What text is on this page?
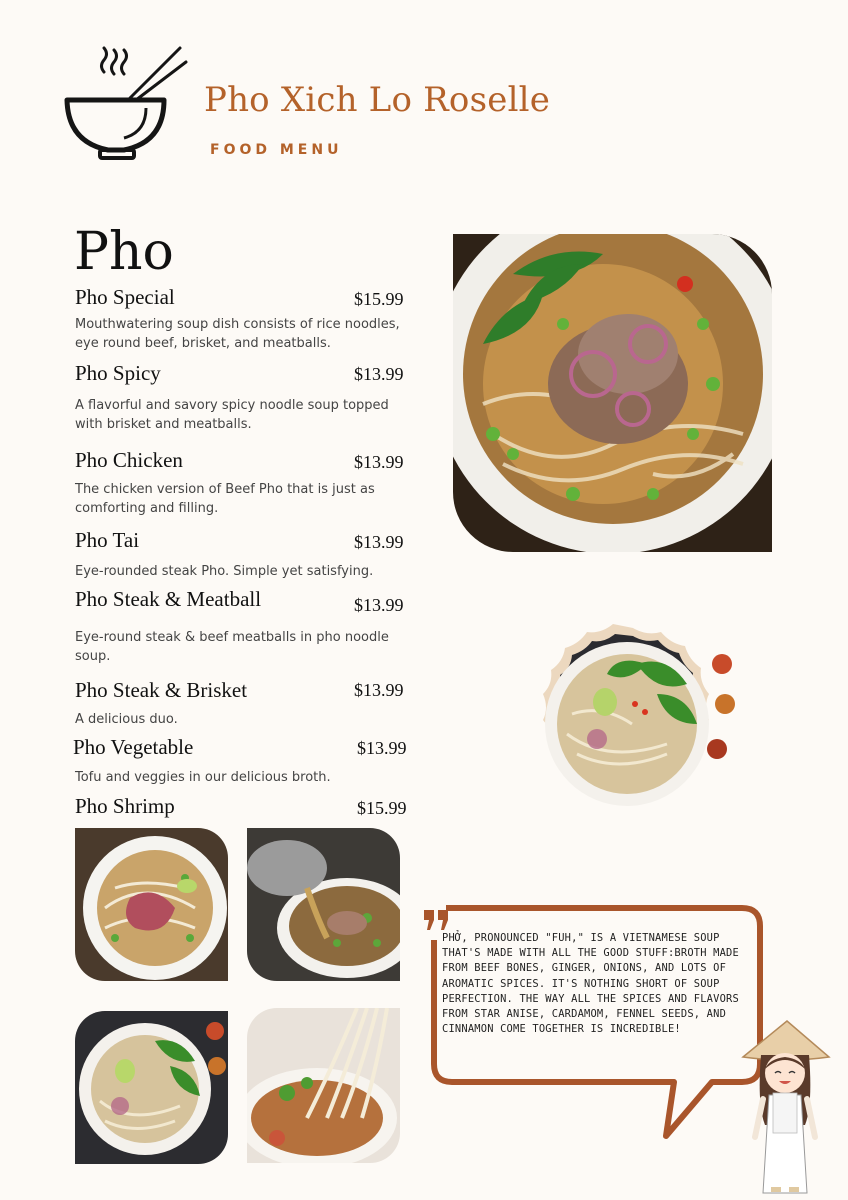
Pho Xich Lo Roselle
FOOD MENU
Pho
Pho Special	$15.99
Mouthwatering soup dish consists of rice noodles, eye round beef, brisket, and meatballs.
Pho Spicy	$13.99
A flavorful and savory spicy noodle soup topped with brisket and meatballs.
Pho Chicken	$13.99
The chicken version of Beef Pho that is just as comforting and filling.
Pho Tai	$13.99
Eye-rounded steak Pho. Simple yet satisfying.
Pho Steak & Meatball	$13.99
Eye-round steak & beef meatballs in pho noodle soup.
Pho Steak & Brisket	$13.99
A delicious duo.
Pho Vegetable	$13.99
Tofu and veggies in our delicious broth.
Pho Shrimp	$15.99
PHỞ, PRONOUNCED "FUH," IS A VIETNAMESE SOUP THAT'S MADE WITH ALL THE GOOD STUFF:BROTH MADE FROM BEEF BONES, GINGER, ONIONS, AND LOTS OF AROMATIC SPICES. IT'S NOTHING SHORT OF SOUP PERFECTION. THE WAY ALL THE SPICES AND FLAVORS FROM STAR ANISE, CARDAMOM, FENNEL SEEDS, AND CINNAMON COME TOGETHER IS INCREDIBLE!
